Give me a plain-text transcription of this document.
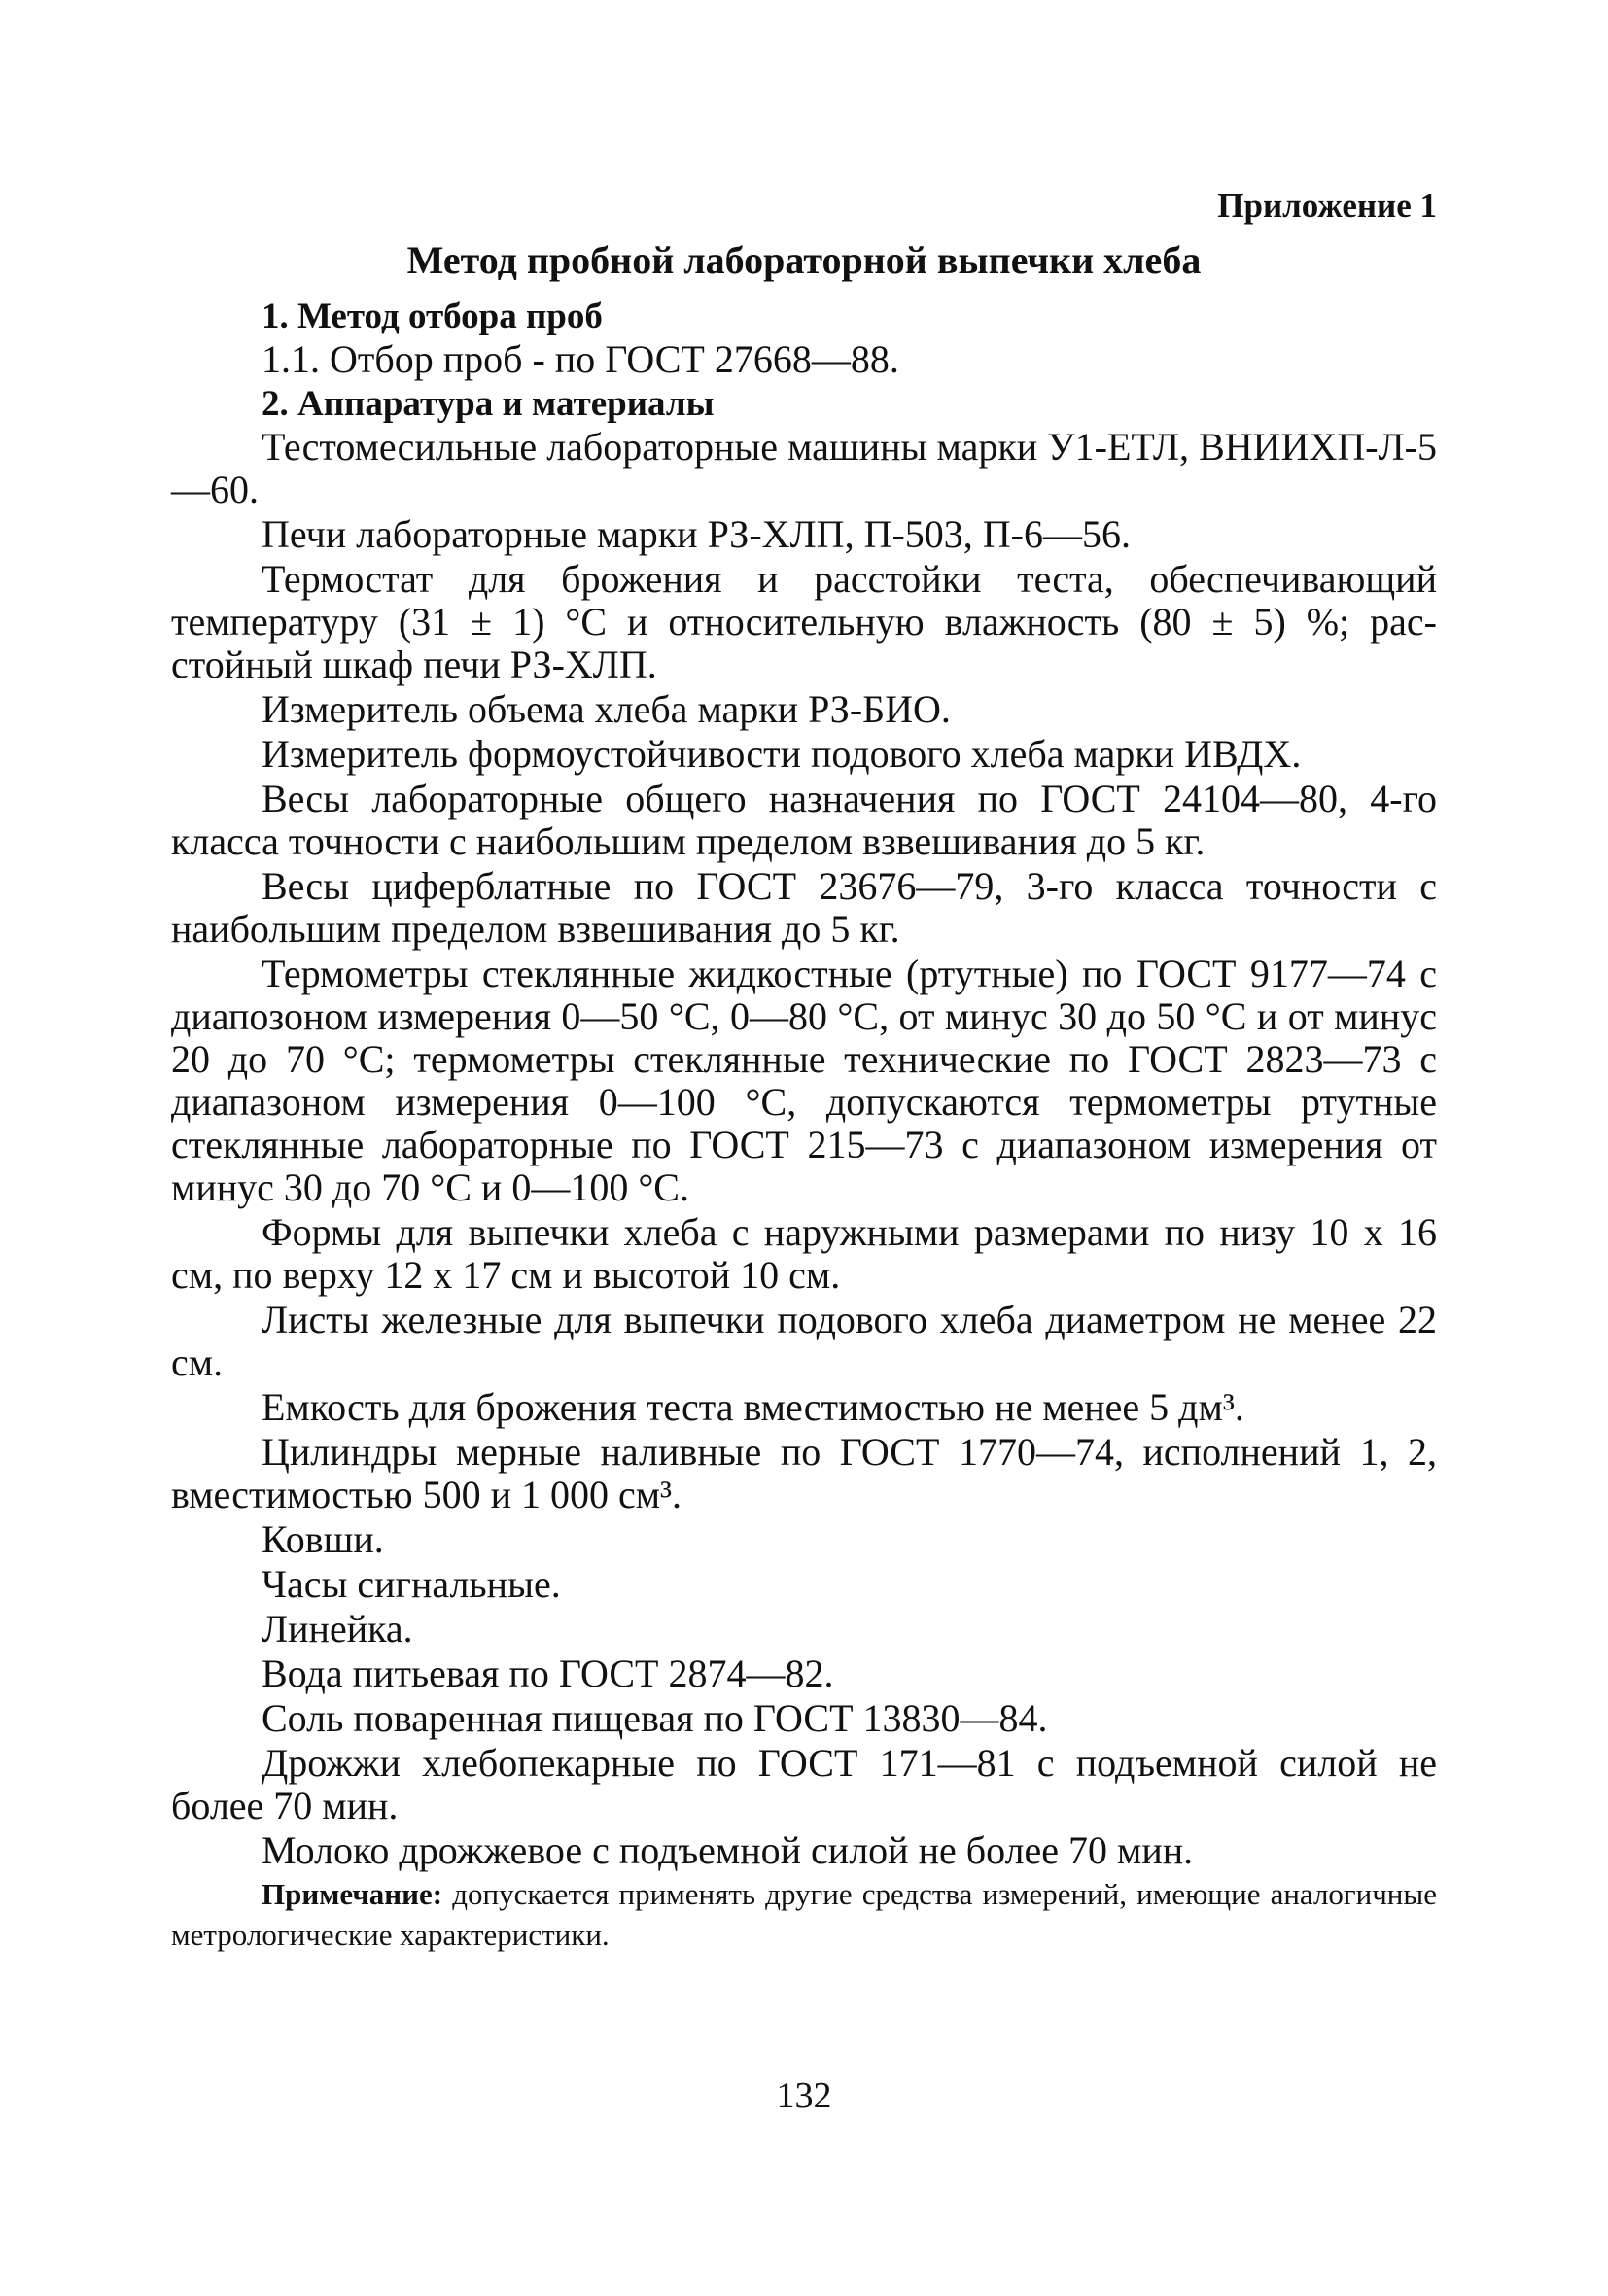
Приложение 1

Метод пробной лабораторной выпечки хлеба

1. Метод отбора проб

1.1. Отбор проб - по ГОСТ 27668—88.

2. Аппаратура и материалы

Тестомесильные лабораторные машины марки У1-ЕТЛ, ВНИИХП-Л-5—60.

Печи лабораторные марки РЗ-ХЛП, П-503, П-6—56.

Термостат для брожения и расстойки теста, обеспечивающий температуру (31 ± 1) °С и относительную влажность (80 ± 5) %; расстойный шкаф печи РЗ-ХЛП.

Измеритель объема хлеба марки РЗ-БИО.

Измеритель формоустойчивости подового хлеба марки ИВДХ.

Весы лабораторные общего назначения по ГОСТ 24104—80, 4-го класса точности с наибольшим пределом взвешивания до 5 кг.

Весы циферблатные по ГОСТ 23676—79, 3-го класса точности с наибольшим пределом взвешивания до 5 кг.

Термометры стеклянные жидкостные (ртутные) по ГОСТ 9177—74 с диапозоном измерения 0—50 °С, 0—80 °С, от минус 30 до 50 °С и от минус 20 до 70 °С; термометры стеклянные технические по ГОСТ 2823—73 с диапазоном измерения 0—100 °С, допускаются термометры ртутные стеклянные лабораторные по ГОСТ 215—73 с диапазоном измерения от минус 30 до 70 °С и 0—100 °С.

Формы для выпечки хлеба с наружными размерами по низу 10 х 16 см, по верху 12 х 17 см и высотой 10 см.

Листы железные для выпечки подового хлеба диаметром не менее 22 см.

Емкость для брожения теста вместимостью не менее 5 дм³.

Цилиндры мерные наливные по ГОСТ 1770—74, исполнений 1, 2, вместимостью 500 и 1 000 см³.

Ковши.

Часы сигнальные.

Линейка.

Вода питьевая по ГОСТ 2874—82.

Соль поваренная пищевая по ГОСТ 13830—84.

Дрожжи хлебопекарные по ГОСТ 171—81 с подъемной силой не более 70 мин.

Молоко дрожжевое с подъемной силой не более 70 мин.

Примечание: допускается применять другие средства измерений, имеющие аналогичные метрологические характеристики.

132
